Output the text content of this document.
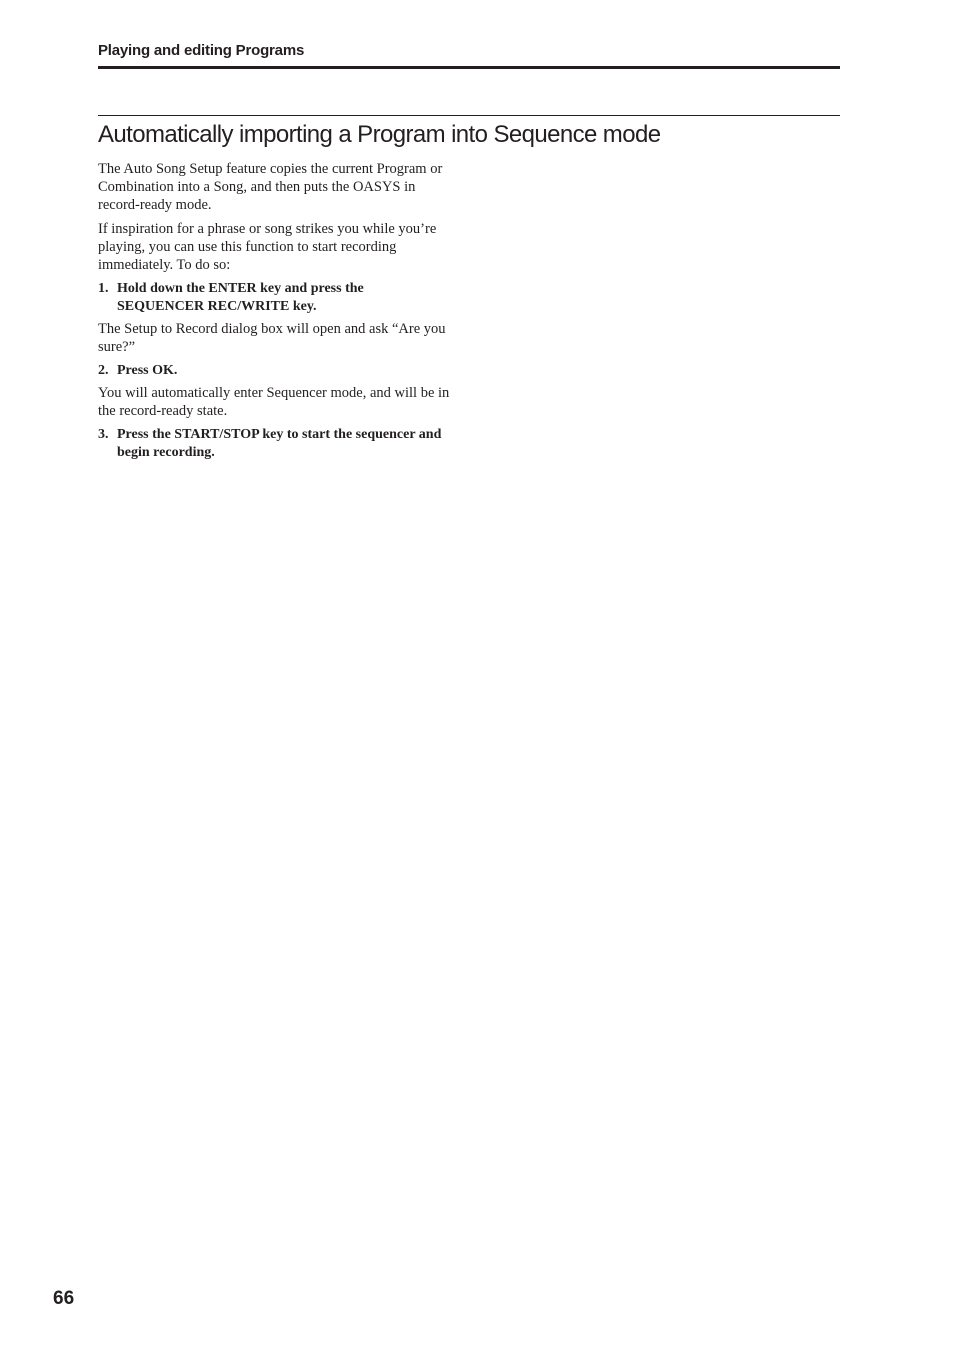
Playing and editing Programs
Automatically importing a Program into Sequence mode

The Auto Song Setup feature copies the current Program or Combination into a Song, and then puts the OASYS in record-ready mode.

If inspiration for a phrase or song strikes you while you’re playing, you can use this function to start recording immediately. To do so:

1. Hold down the ENTER key and press the SEQUENCER REC/WRITE key.

The Setup to Record dialog box will open and ask “Are you sure?”

2. Press OK.

You will automatically enter Sequencer mode, and will be in the record-ready state.

3. Press the START/STOP key to start the sequencer and begin recording.
66
